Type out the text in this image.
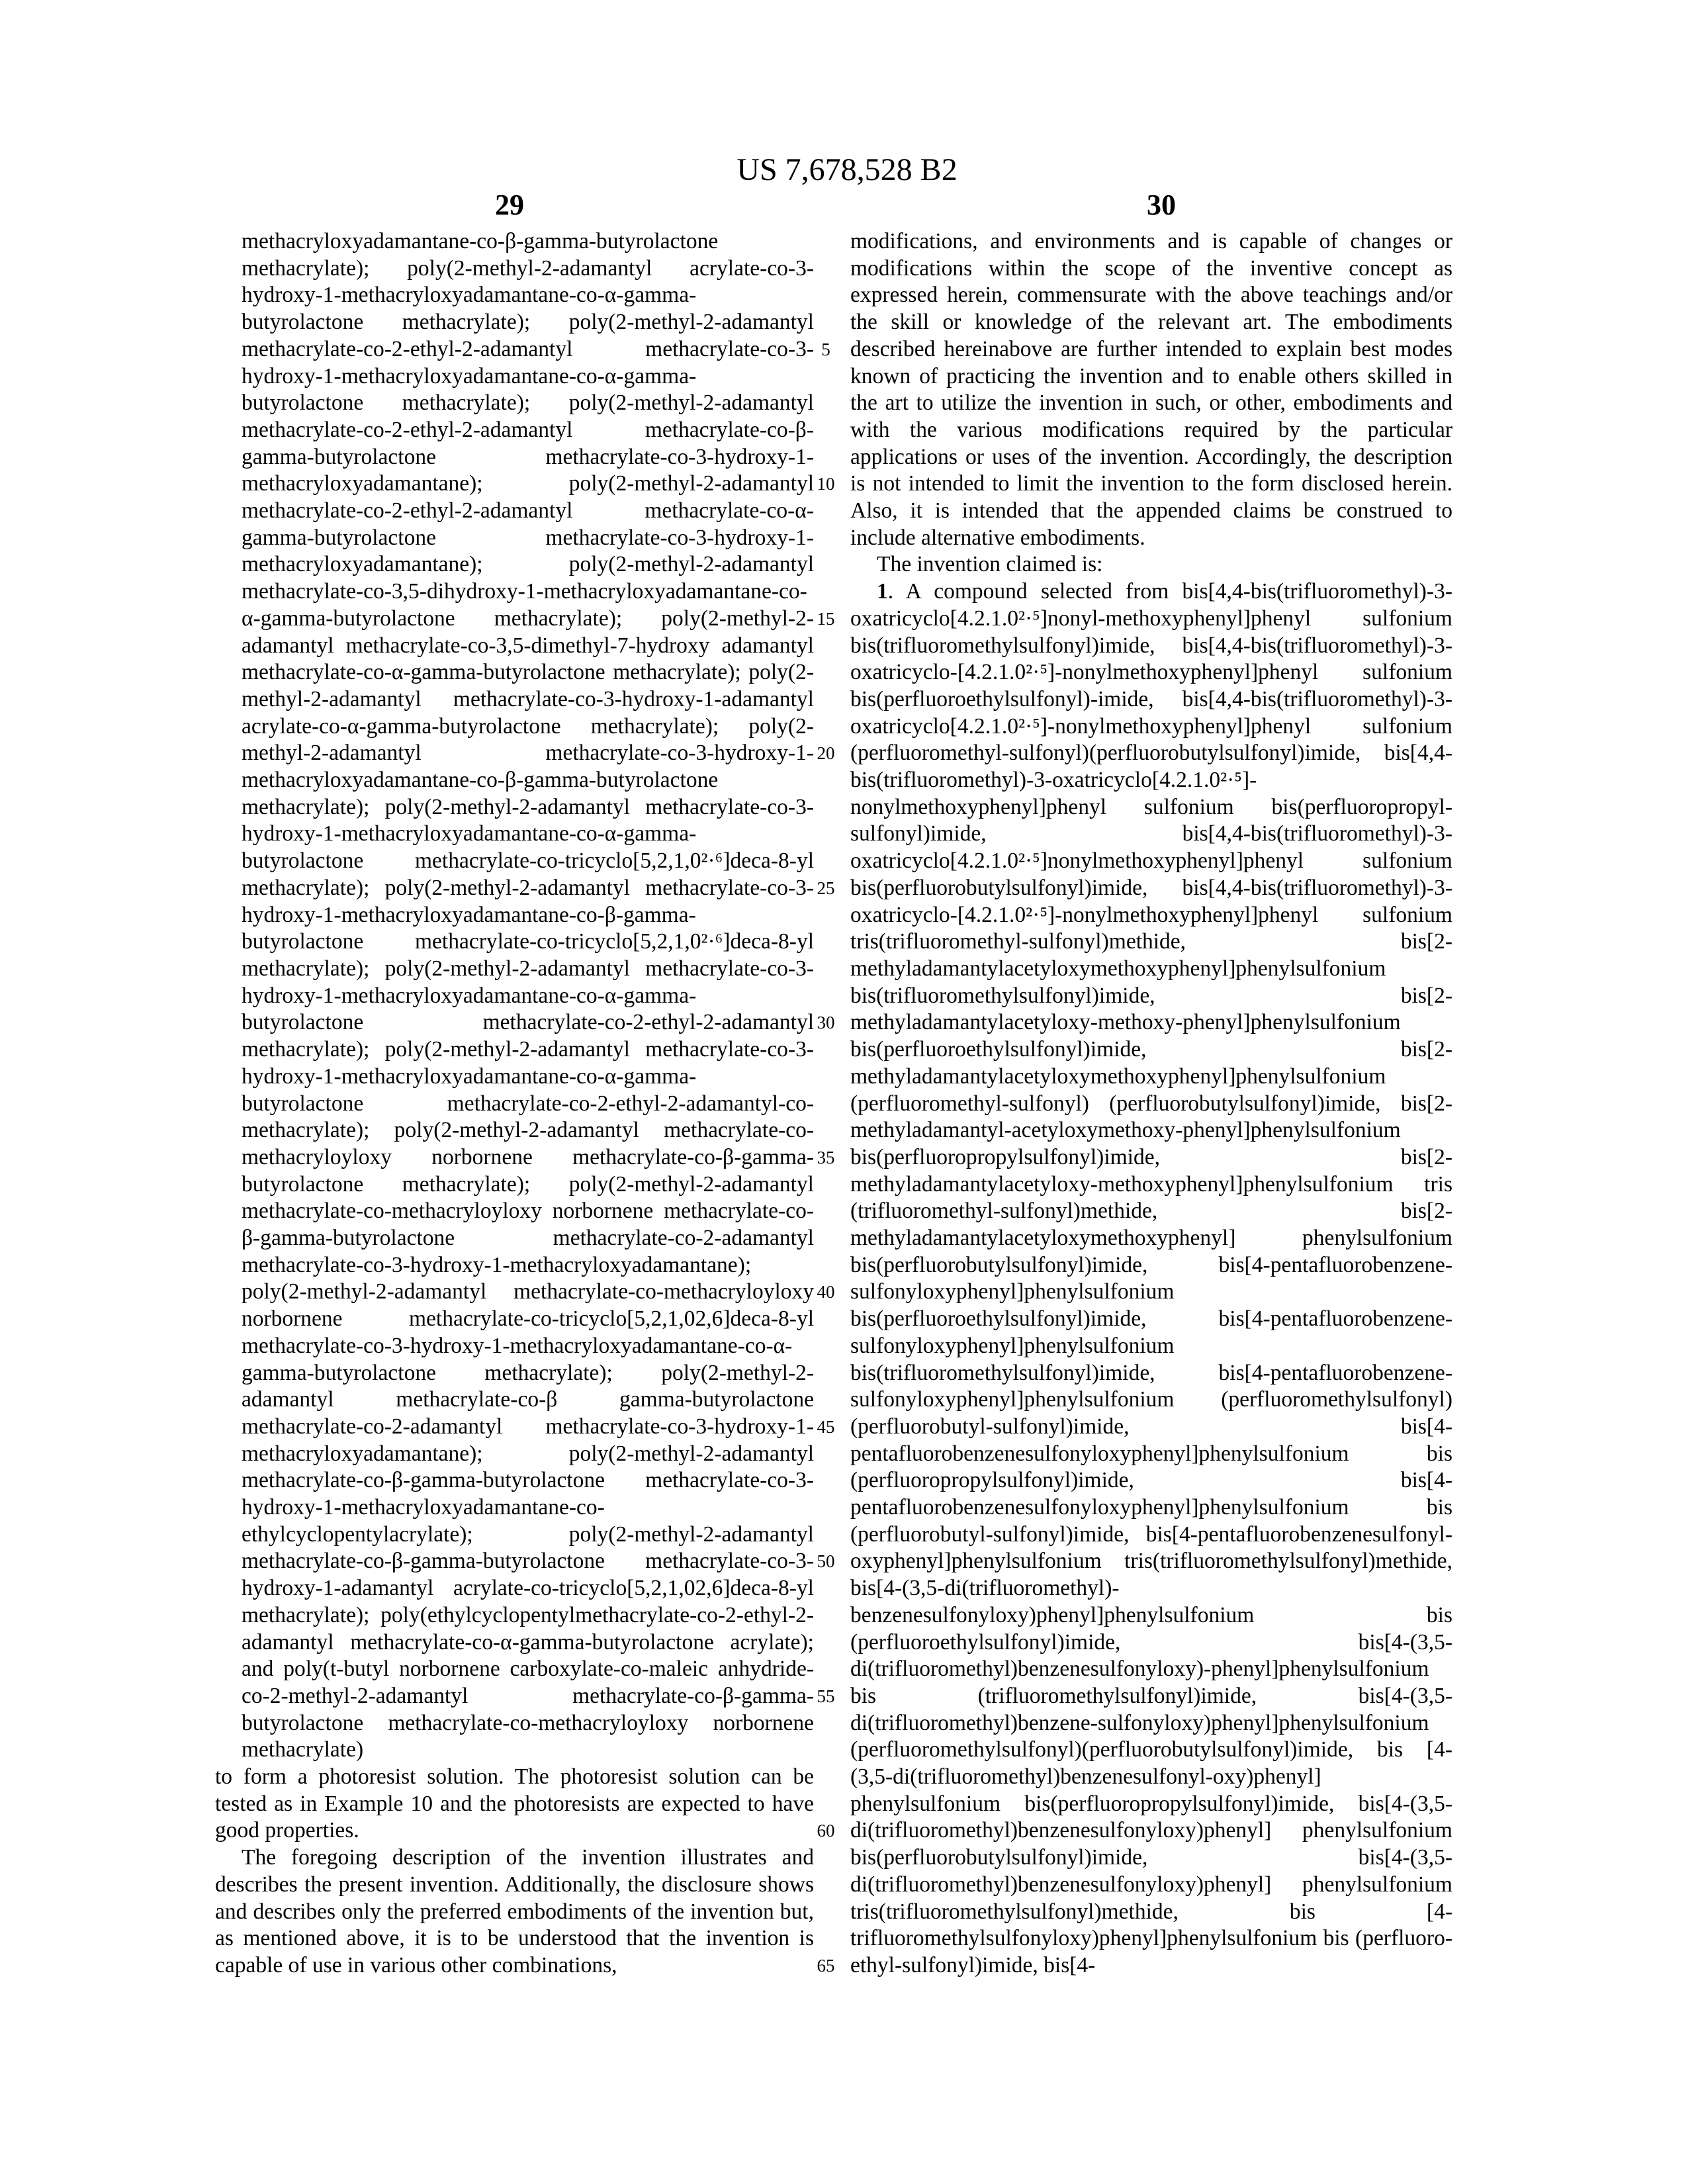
US 7,678,528 B2
29	30

methacryloxyadamantane-co-β-gamma-butyrolactone methacrylate); poly(2-methyl-2-adamantyl acrylate-co-3-hydroxy-1-methacryloxyadamantane-co-α-gamma-butyrolactone methacrylate); poly(2-methyl-2-adamantyl methacrylate-co-2-ethyl-2-adamantyl methacrylate-co-3-hydroxy-1-methacryloxyadamantane-co-α-gamma-butyrolactone methacrylate); poly(2-methyl-2-adamantyl methacrylate-co-2-ethyl-2-adamantyl methacrylate-co-β-gamma-butyrolactone methacrylate-co-3-hydroxy-1-methacryloxyadamantane); poly(2-methyl-2-adamantyl methacrylate-co-2-ethyl-2-adamantyl methacrylate-co-α-gamma-butyrolactone methacrylate-co-3-hydroxy-1-methacryloxyadamantane); poly(2-methyl-2-adamantyl methacrylate-co-3,5-dihydroxy-1-methacryloxyadamantane-co-α-gamma-butyrolactone methacrylate); poly(2-methyl-2-adamantyl methacrylate-co-3,5-dimethyl-7-hydroxy adamantyl methacrylate-co-α-gamma-butyrolactone methacrylate); poly(2-methyl-2-adamantyl methacrylate-co-3-hydroxy-1-adamantyl acrylate-co-α-gamma-butyrolactone methacrylate); poly(2-methyl-2-adamantyl methacrylate-co-3-hydroxy-1-methacryloxyadamantane-co-β-gamma-butyrolactone methacrylate); poly(2-methyl-2-adamantyl methacrylate-co-3-hydroxy-1-methacryloxyadamantane-co-α-gamma-butyrolactone methacrylate-co-tricyclo[5,2,1,0²·⁶]deca-8-yl methacrylate); poly(2-methyl-2-adamantyl methacrylate-co-3-hydroxy-1-methacryloxyadamantane-co-β-gamma-butyrolactone methacrylate-co-tricyclo[5,2,1,0²·⁶]deca-8-yl methacrylate); poly(2-methyl-2-adamantyl methacrylate-co-3-hydroxy-1-methacryloxyadamantane-co-α-gamma-butyrolactone methacrylate-co-2-ethyl-2-adamantyl methacrylate); poly(2-methyl-2-adamantyl methacrylate-co-3-hydroxy-1-methacryloxyadamantane-co-α-gamma-butyrolactone methacrylate-co-2-ethyl-2-adamantyl-co-methacrylate); poly(2-methyl-2-adamantyl methacrylate-co-methacryloyloxy norbornene methacrylate-co-β-gamma-butyrolactone methacrylate); poly(2-methyl-2-adamantyl methacrylate-co-methacryloyloxy norbornene methacrylate-co-β-gamma-butyrolactone methacrylate-co-2-adamantyl methacrylate-co-3-hydroxy-1-methacryloxyadamantane); poly(2-methyl-2-adamantyl methacrylate-co-methacryloyloxy norbornene methacrylate-co-tricyclo[5,2,1,02,6]deca-8-yl methacrylate-co-3-hydroxy-1-methacryloxyadamantane-co-α-gamma-butyrolactone methacrylate); poly(2-methyl-2-adamantyl methacrylate-co-β gamma-butyrolactone methacrylate-co-2-adamantyl methacrylate-co-3-hydroxy-1-methacryloxyadamantane); poly(2-methyl-2-adamantyl methacrylate-co-β-gamma-butyrolactone methacrylate-co-3-hydroxy-1-methacryloxyadamantane-co-ethylcyclopentylacrylate); poly(2-methyl-2-adamantyl methacrylate-co-β-gamma-butyrolactone methacrylate-co-3-hydroxy-1-adamantyl acrylate-co-tricyclo[5,2,1,02,6]deca-8-yl methacrylate); poly(ethylcyclopentylmethacrylate-co-2-ethyl-2-adamantyl methacrylate-co-α-gamma-butyrolactone acrylate); and poly(t-butyl norbornene carboxylate-co-maleic anhydride-co-2-methyl-2-adamantyl methacrylate-co-β-gamma-butyrolactone methacrylate-co-methacryloyloxy norbornene methacrylate)

to form a photoresist solution. The photoresist solution can be tested as in Example 10 and the photoresists are expected to have good properties.

The foregoing description of the invention illustrates and describes the present invention. Additionally, the disclosure shows and describes only the preferred embodiments of the invention but, as mentioned above, it is to be understood that the invention is capable of use in various other combinations,

5
10
15
20
25
30
35
40
45
50
55
60
65

modifications, and environments and is capable of changes or modifications within the scope of the inventive concept as expressed herein, commensurate with the above teachings and/or the skill or knowledge of the relevant art. The embodiments described hereinabove are further intended to explain best modes known of practicing the invention and to enable others skilled in the art to utilize the invention in such, or other, embodiments and with the various modifications required by the particular applications or uses of the invention. Accordingly, the description is not intended to limit the invention to the form disclosed herein. Also, it is intended that the appended claims be construed to include alternative embodiments.

The invention claimed is:

1. A compound selected from bis[4,4-bis(trifluoromethyl)-3-oxatricyclo[4.2.1.0²·⁵]nonyl-methoxyphenyl]phenyl sulfonium bis(trifluoromethylsulfonyl)imide, bis[4,4-bis(trifluoromethyl)-3-oxatricyclo-[4.2.1.0²·⁵]-nonylmethoxyphenyl]phenyl sulfonium bis(perfluoroethylsulfonyl)-imide, bis[4,4-bis(trifluoromethyl)-3-oxatricyclo[4.2.1.0²·⁵]-nonylmethoxyphenyl]phenyl sulfonium (perfluoromethyl-sulfonyl)(perfluorobutylsulfonyl)imide, bis[4,4-bis(trifluoromethyl)-3-oxatricyclo[4.2.1.0²·⁵]-nonylmethoxyphenyl]phenyl sulfonium bis(perfluoropropyl-sulfonyl)imide, bis[4,4-bis(trifluoromethyl)-3-oxatricyclo[4.2.1.0²·⁵]nonylmethoxyphenyl]phenyl sulfonium bis(perfluorobutylsulfonyl)imide, bis[4,4-bis(trifluoromethyl)-3-oxatricyclo-[4.2.1.0²·⁵]-nonylmethoxyphenyl]phenyl sulfonium tris(trifluoromethyl-sulfonyl)methide, bis[2-methyladamantylacetyloxymethoxyphenyl]phenylsulfonium bis(trifluoromethylsulfonyl)imide, bis[2-methyladamantylacetyloxy-methoxy-phenyl]phenylsulfonium bis(perfluoroethylsulfonyl)imide, bis[2-methyladamantylacetyloxymethoxyphenyl]phenylsulfonium (perfluoromethyl-sulfonyl) (perfluorobutylsulfonyl)imide, bis[2-methyladamantyl-acetyloxymethoxy-phenyl]phenylsulfonium bis(perfluoropropylsulfonyl)imide, bis[2-methyladamantylacetyloxy-methoxyphenyl]phenylsulfonium tris (trifluoromethyl-sulfonyl)methide, bis[2-methyladamantylacetyloxymethoxyphenyl] phenylsulfonium bis(perfluorobutylsulfonyl)imide, bis[4-pentafluorobenzene-sulfonyloxyphenyl]phenylsulfonium bis(perfluoroethylsulfonyl)imide, bis[4-pentafluorobenzene-sulfonyloxyphenyl]phenylsulfonium bis(trifluoromethylsulfonyl)imide, bis[4-pentafluorobenzene-sulfonyloxyphenyl]phenylsulfonium (perfluoromethylsulfonyl) (perfluorobutyl-sulfonyl)imide, bis[4-pentafluorobenzenesulfonyloxyphenyl]phenylsulfonium bis (perfluoropropylsulfonyl)imide, bis[4-pentafluorobenzenesulfonyloxyphenyl]phenylsulfonium bis (perfluorobutyl-sulfonyl)imide, bis[4-pentafluorobenzenesulfonyl-oxyphenyl]phenylsulfonium tris(trifluoromethylsulfonyl)methide, bis[4-(3,5-di(trifluoromethyl)-benzenesulfonyloxy)phenyl]phenylsulfonium bis (perfluoroethylsulfonyl)imide, bis[4-(3,5-di(trifluoromethyl)benzenesulfonyloxy)-phenyl]phenylsulfonium bis (trifluoromethylsulfonyl)imide, bis[4-(3,5-di(trifluoromethyl)benzene-sulfonyloxy)phenyl]phenylsulfonium (perfluoromethylsulfonyl)(perfluorobutylsulfonyl)imide, bis [4-(3,5-di(trifluoromethyl)benzenesulfonyl-oxy)phenyl] phenylsulfonium bis(perfluoropropylsulfonyl)imide, bis[4-(3,5-di(trifluoromethyl)benzenesulfonyloxy)phenyl] phenylsulfonium bis(perfluorobutylsulfonyl)imide, bis[4-(3,5-di(trifluoromethyl)benzenesulfonyloxy)phenyl] phenylsulfonium tris(trifluoromethylsulfonyl)methide, bis [4-trifluoromethylsulfonyloxy)phenyl]phenylsulfonium bis (perfluoro-ethyl-sulfonyl)imide, bis[4-
